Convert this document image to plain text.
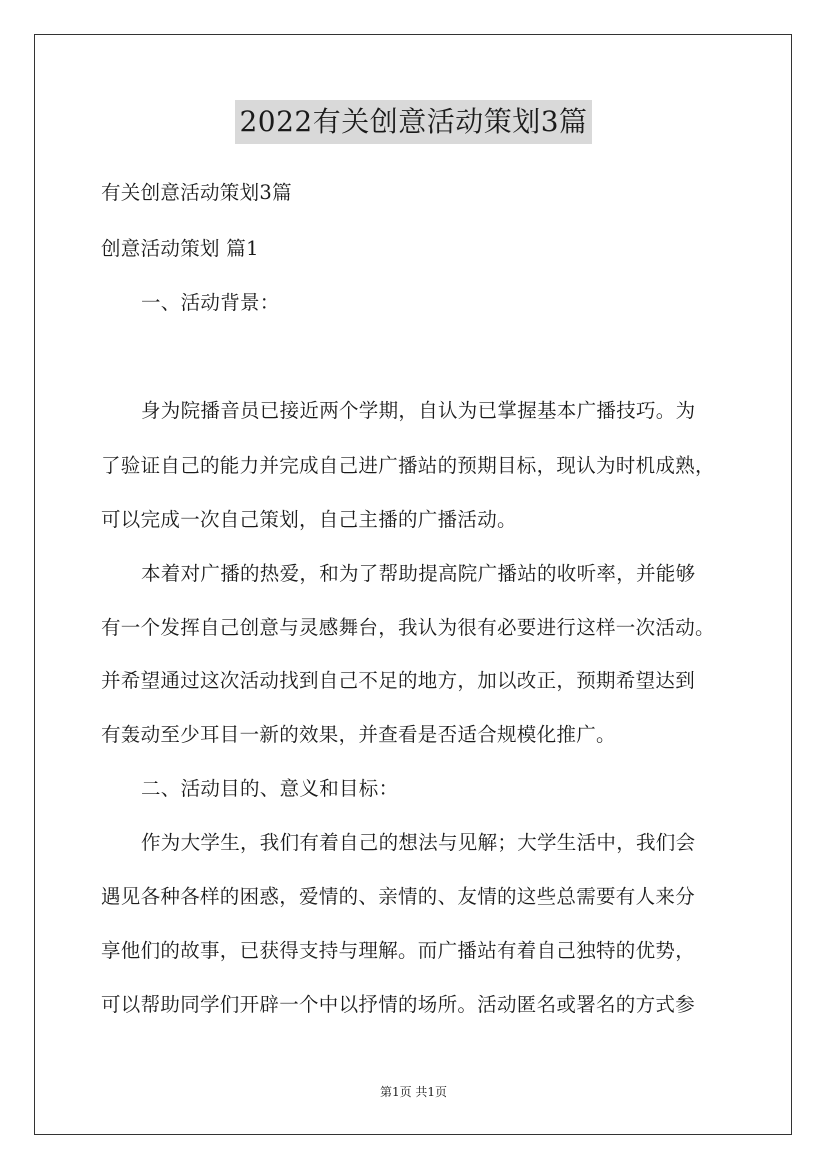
2022有关创意活动策划3篇
有关创意活动策划3篇
创意活动策划 篇1
一、活动背景：
身为院播音员已接近两个学期，自认为已掌握基本广播技巧。为
了验证自己的能力并完成自己进广播站的预期目标，现认为时机成熟，
可以完成一次自己策划，自己主播的广播活动。
本着对广播的热爱，和为了帮助提高院广播站的收听率，并能够
有一个发挥自己创意与灵感舞台，我认为很有必要进行这样一次活动。
并希望通过这次活动找到自己不足的地方，加以改正，预期希望达到
有轰动至少耳目一新的效果，并查看是否适合规模化推广。
二、活动目的、意义和目标：
作为大学生，我们有着自己的想法与见解；大学生活中，我们会
遇见各种各样的困惑，爱情的、亲情的、友情的这些总需要有人来分
享他们的故事，已获得支持与理解。而广播站有着自己独特的优势，
可以帮助同学们开辟一个中以抒情的场所。活动匿名或署名的方式参
第1页 共1页
